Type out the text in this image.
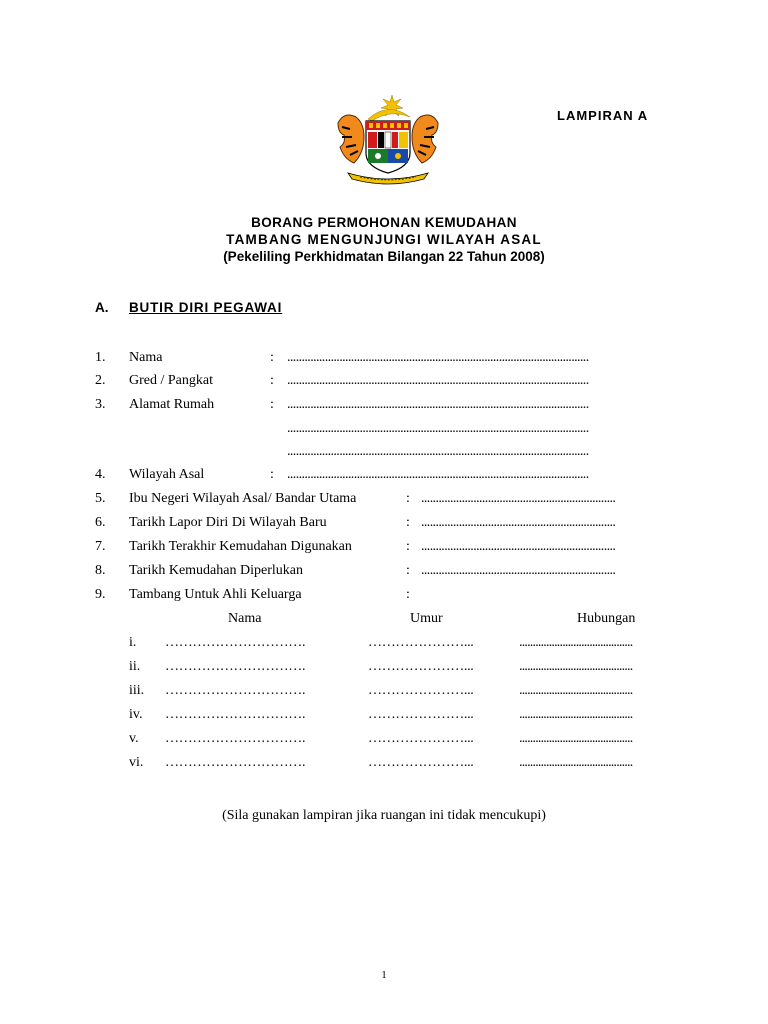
LAMPIRAN A
BORANG PERMOHONAN KEMUDAHAN
TAMBANG MENGUNJUNGI WILAYAH ASAL
(Pekeliling Perkhidmatan Bilangan 22 Tahun 2008)
A. BUTIR DIRI PEGAWAI
1. Nama	: ........................................................................................................
2. Gred / Pangkat	: ........................................................................................................
3. Alamat Rumah	: ........................................................................................................
........................................................................................................
........................................................................................................
4. Wilayah Asal	: ........................................................................................................
5. Ibu Negeri Wilayah Asal/ Bandar Utama	: ...................................................................
6. Tarikh Lapor Diri Di Wilayah Baru	: ...................................................................
7. Tarikh Terakhir Kemudahan Digunakan	: ...................................................................
8. Tarikh Kemudahan Diperlukan	: ...................................................................
9. Tambang Untuk Ahli Keluarga	:
Nama	Umur	Hubungan
i. ………………………….	…………………...	..........................................
ii. ………………………….	…………………...	..........................................
iii. ………………………….	…………………...	..........................................
iv. ………………………….	…………………...	..........................................
v. ………………………….	…………………...	..........................................
vi. ………………………….	…………………...	..........................................
(Sila gunakan lampiran jika ruangan ini tidak mencukupi)
1
